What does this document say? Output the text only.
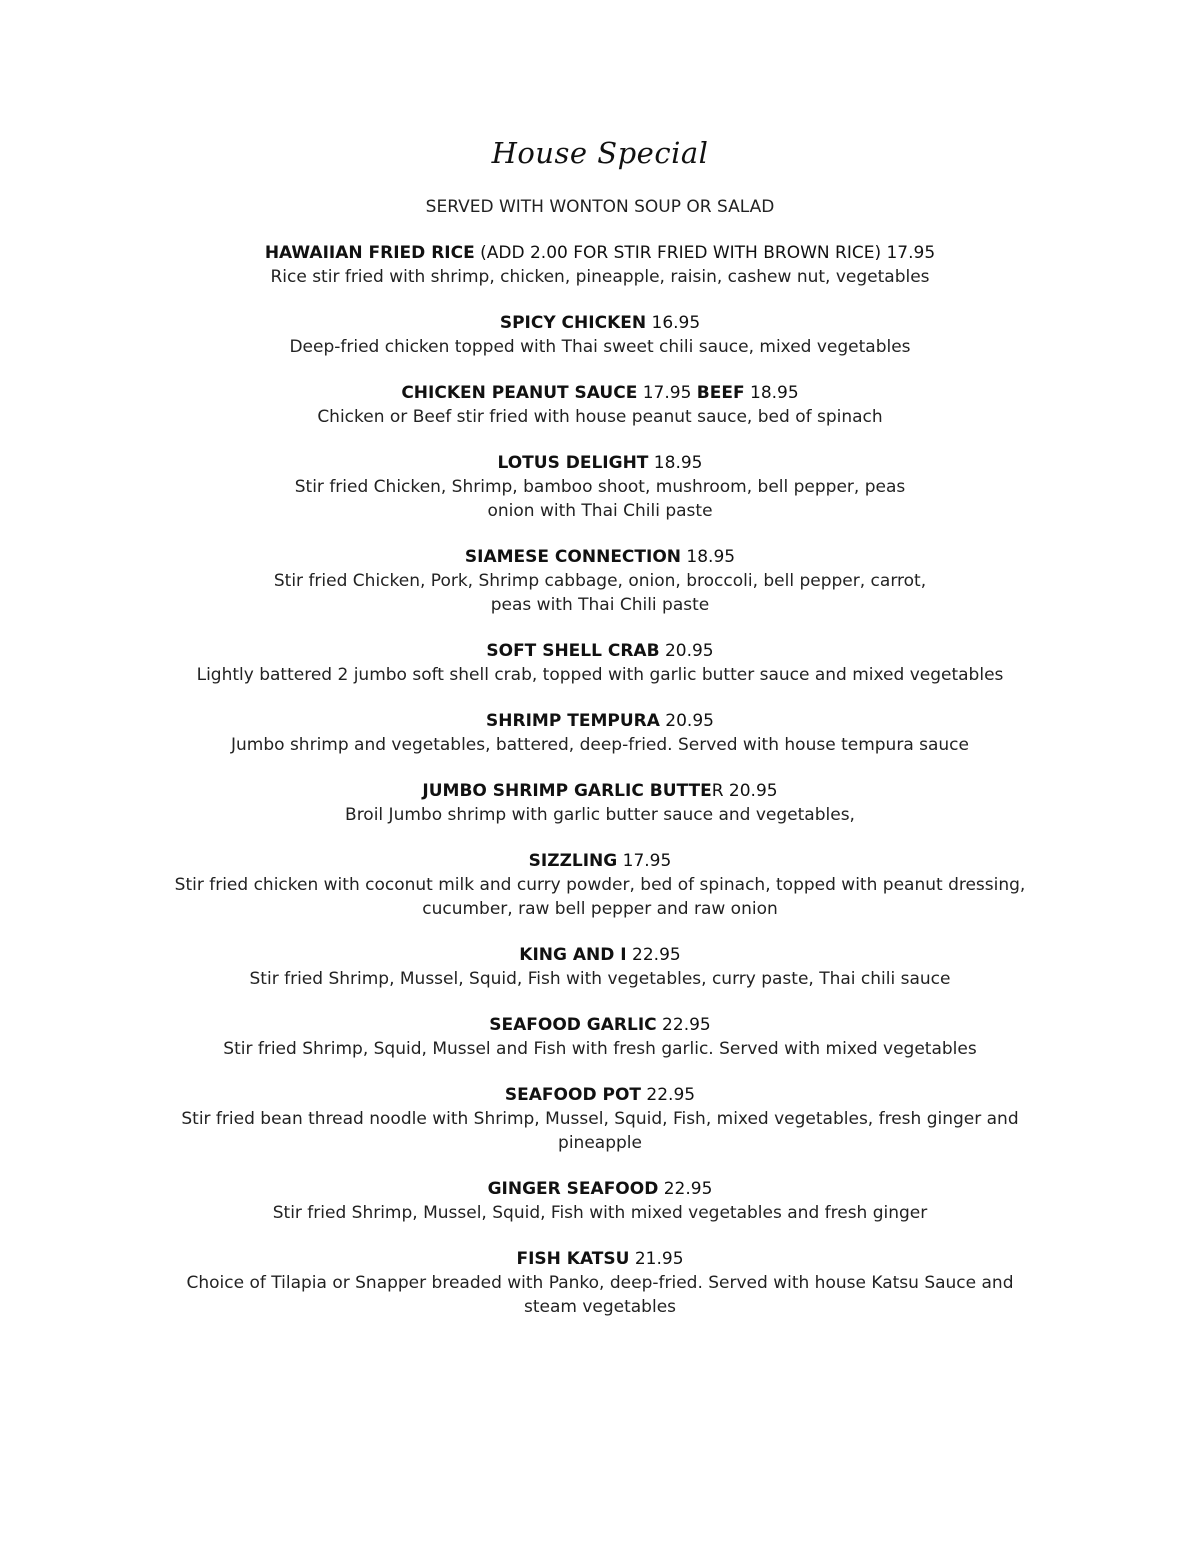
House Special
SERVED WITH WONTON SOUP OR SALAD
HAWAIIAN FRIED RICE (ADD 2.00 FOR STIR FRIED WITH BROWN RICE) 17.95
Rice stir fried with shrimp, chicken, pineapple, raisin, cashew nut, vegetables
SPICY CHICKEN 16.95
Deep-fried chicken topped with Thai sweet chili sauce, mixed vegetables
CHICKEN PEANUT SAUCE 17.95 BEEF 18.95
Chicken or Beef stir fried with house peanut sauce, bed of spinach
LOTUS DELIGHT 18.95
Stir fried Chicken, Shrimp, bamboo shoot, mushroom, bell pepper, peas
onion with Thai Chili paste
SIAMESE CONNECTION 18.95
Stir fried Chicken, Pork, Shrimp cabbage, onion, broccoli, bell pepper, carrot,
peas with Thai Chili paste
SOFT SHELL CRAB 20.95
Lightly battered 2 jumbo soft shell crab, topped with garlic butter sauce and mixed vegetables
SHRIMP TEMPURA 20.95
Jumbo shrimp and vegetables, battered, deep-fried. Served with house tempura sauce
JUMBO SHRIMP GARLIC BUTTER 20.95
Broil Jumbo shrimp with garlic butter sauce and vegetables,
SIZZLING 17.95
Stir fried chicken with coconut milk and curry powder, bed of spinach, topped with peanut dressing,
cucumber, raw bell pepper and raw onion
KING AND I 22.95
Stir fried Shrimp, Mussel, Squid, Fish with vegetables, curry paste, Thai chili sauce
SEAFOOD GARLIC 22.95
Stir fried Shrimp, Squid, Mussel and Fish with fresh garlic. Served with mixed vegetables
SEAFOOD POT 22.95
Stir fried bean thread noodle with Shrimp, Mussel, Squid, Fish, mixed vegetables, fresh ginger and
pineapple
GINGER SEAFOOD 22.95
Stir fried Shrimp, Mussel, Squid, Fish with mixed vegetables and fresh ginger
FISH KATSU 21.95
Choice of Tilapia or Snapper breaded with Panko, deep-fried. Served with house Katsu Sauce and
steam vegetables
